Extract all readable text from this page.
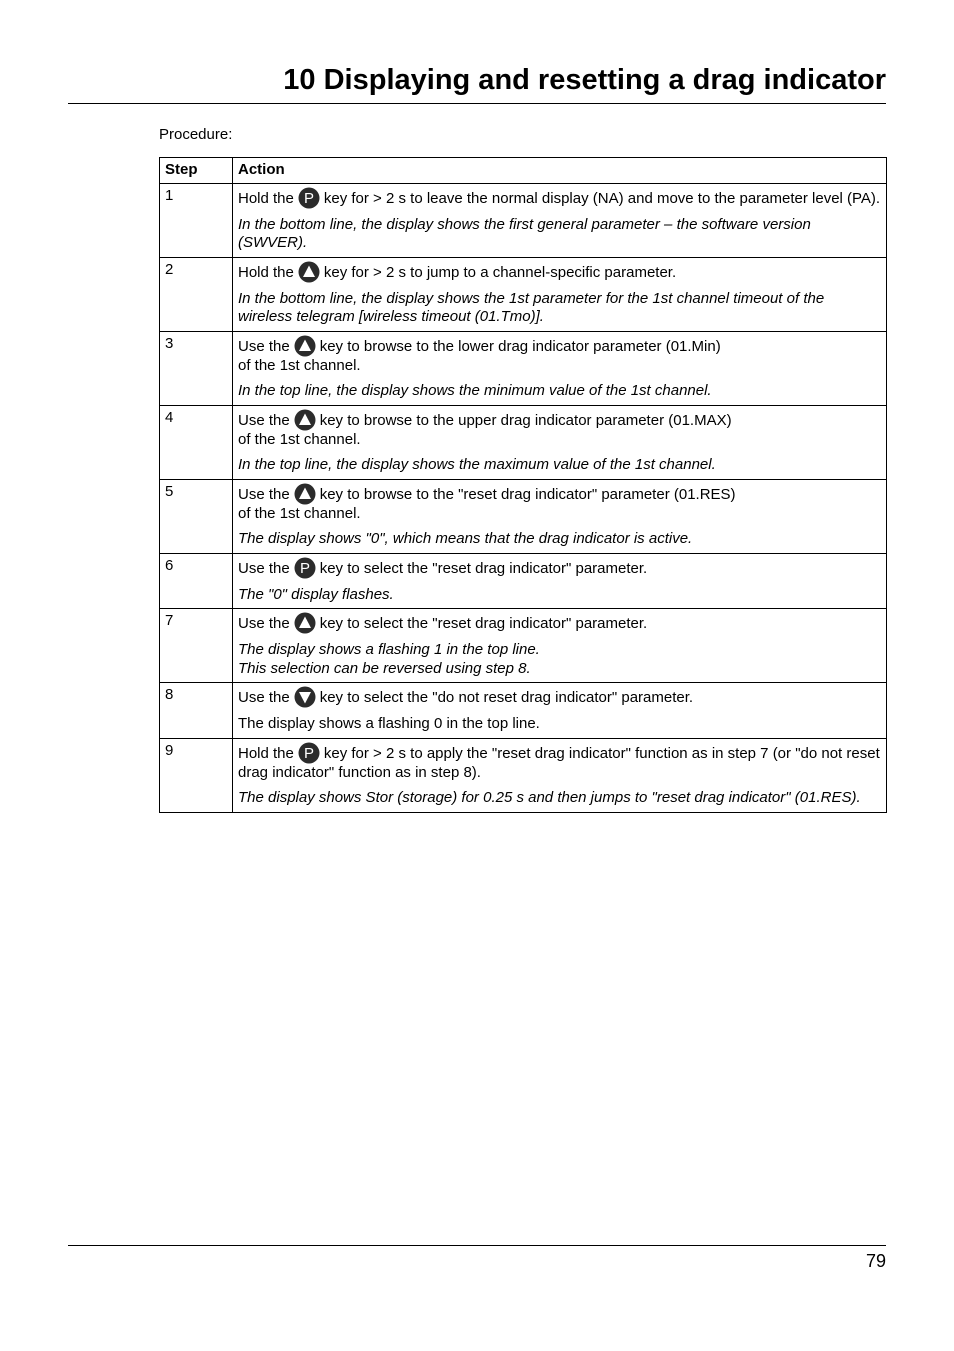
10 Displaying and resetting a drag indicator
Procedure:
Step	Action
1	Hold the P key for > 2 s to leave the normal display (NA) and move to the parameter level (PA).

In the bottom line, the display shows the first general parameter – the software version (SWVER).

2	Hold the key for > 2 s to jump to a channel-specific parameter.

In the bottom line, the display shows the 1st parameter for the 1st channel timeout of the wireless telegram [wireless timeout (01.Tmo)].

3	Use the key to browse to the lower drag indicator parameter (01.Min)
of the 1st channel.

In the top line, the display shows the minimum value of the 1st channel.

4	Use the key to browse to the upper drag indicator parameter (01.MAX)
of the 1st channel.

In the top line, the display shows the maximum value of the 1st channel.

5	Use the key to browse to the "reset drag indicator" parameter (01.RES)
of the 1st channel.

The display shows "0", which means that the drag indicator is active.

6	Use the P key to select the "reset drag indicator" parameter.

The "0" display flashes.

7	Use the key to select the "reset drag indicator" parameter.

The display shows a flashing 1 in the top line.
This selection can be reversed using step 8.

8	Use the key to select the "do not reset drag indicator" parameter.

The display shows a flashing 0 in the top line.

9	Hold the P key for > 2 s to apply the "reset drag indicator" function as in step 7 (or "do not reset drag indicator" function as in step 8).

The display shows Stor (storage) for 0.25 s and then jumps to "reset drag indicator" (01.RES).

79
